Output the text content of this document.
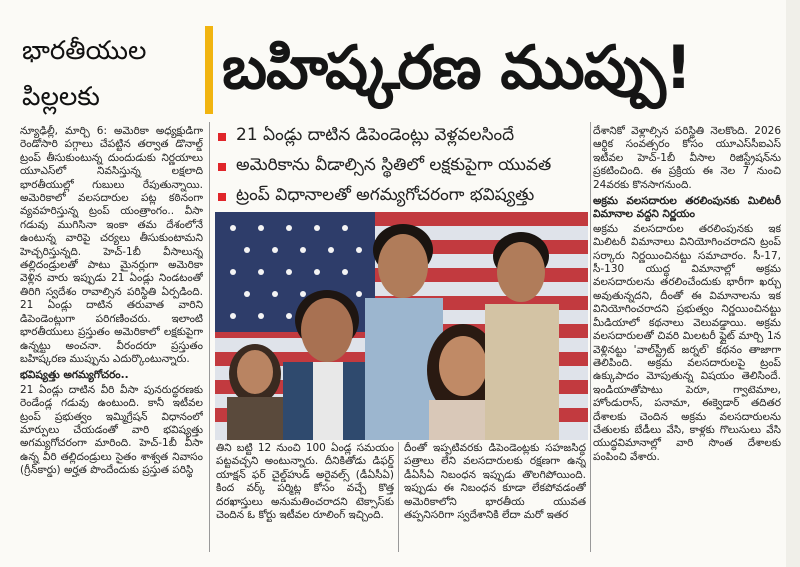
భారతీయుల పిల్లలకు	బహిష్కరణ ముప్పు!

న్యూఢిల్లీ, మార్చి 6: అమెరికా అధ్యక్షుడిగా రెండోసారి పగ్గాలు చేపట్టిన తర్వాత డొనాల్డ్ ట్రంప్ తీసుకుంటున్న దుందుడుకు నిర్ణయాలు యూఎస్‌లో నివసిస్తున్న లక్షలాది భారతీయుల్లో గుబులు రేపుతున్నాయి. అమెరికాలో వలసదారుల పట్ల కఠినంగా వ్యవహరిస్తున్న ట్రంప్ యంత్రాంగం.. వీసా గడువు ముగిసినా ఇంకా తమ దేశంలోనే ఉంటున్న వారిపై చర్యలు తీసుకుంటామని హెచ్చరిస్తున్నది. హెచ్-1బీ వీసాలున్న తల్లిదండ్రులతో పాటు మైనర్లుగా అమెరికా వెళ్లిన వారు ఇప్పుడు 21 ఏండ్లు నిండటంతో తిరిగి స్వదేశం రావాల్సిన పరిస్థితి ఏర్పడింది. 21 ఏండ్లు దాటిన తరువాత వారిని డిపెండెంట్లుగా పరిగణించరు. ఇలాంటి భారతీయులు ప్రస్తుతం అమెరికాలో లక్షకుపైగా ఉన్నట్టు అంచనా. వీరందరూ ప్రస్తుతం బహిష్కరణ ముప్పును ఎదుర్కొంటున్నారు.

భవిష్యత్తు అగమ్యగోచరం..

21 ఏండ్లు దాటిన వీరి వీసా పునరుద్ధరణకు రెండేండ్ల గడువు ఉంటుంది. కానీ ఇటీవల ట్రంప్ ప్రభుత్వం ఇమ్మిగ్రేషన్ విధానంలో మార్పులు చేయడంతో వారి భవిష్యత్తు అగమ్యగోచరంగా మారింది. హెచ్-1బీ వీసా ఉన్న వీరి తల్లిదండ్రులు సైతం శాశ్వత నివాసం (గ్రీన్‌కార్డు) అర్హత పొందేందుకు ప్రస్తుత పరిస్థి

21 ఏండ్లు దాటిన డిపెండెంట్లు వెళ్లవలసిందే
అమెరికాను వీడాల్సిన స్థితిలో లక్షకుపైగా యువత
ట్రంప్ విధానాలతో అగమ్యగోచరంగా భవిష్యత్తు

తిని బట్టి 12 నుంచి 100 ఏండ్ల సమయం పట్టవచ్చని అంటున్నారు. దీనికితోడు డిఫర్డ్ యాక్షన్ ఫర్ చైల్డ్‌హుడ్ అరైవల్స్ (డీఏసీఏ) కింద వర్క్ పర్మిట్ల కోసం వచ్చే కొత్త దరఖాస్తులు అనుమతించరాదని టెక్సాస్‌కు చెందిన ఓ కోర్టు ఇటీవల రూలింగ్ ఇచ్చింది.

దీంతో ఇప్పటివరకు డిపెండెంట్లకు సహజసిద్ధ పత్రాలు లేని వలసదారులకు రక్షణగా ఉన్న డీఏసీఏ నిబంధన ఇప్పుడు తొలగిపోయింది. ఇప్పుడు ఈ నిబంధన కూడా లేకపోవడంతో అమెరికాలోని భారతీయ యువత తప్పనిసరిగా స్వదేశానికి లేదా మరో ఇతర

దేశానికో వెళ్లాల్సిన పరిస్థితి నెలకొంది. 2026 ఆర్థిక సంవత్సరం కోసం యూఎస్‌సీఐఎస్ ఇటీవల హెచ్-1బీ వీసాల రిజిస్ట్రేషన్‌ను ప్రకటించింది. ఈ ప్రక్రియ ఈ నెల 7 నుంచి 24వరకు కొనసాగనుంది.

అక్రమ వలసదారుల తరలింపునకు మిలిటరీ విమానాల వద్దని నిర్ణయం

అక్రమ వలసదారుల తరలింపునకు ఇక మిలిటరీ విమానాలు వినియోగించరాదని ట్రంప్ సర్కారు నిర్ణయించినట్టు సమాచారం. సీ-17, సీ-130 యుద్ధ విమానాల్లో అక్రమ వలసదారులను తరలించేందుకు భారీగా ఖర్చు అవుతున్నదని, దీంతో ఈ విమానాలను ఇక వినియోగించరాదని ప్రభుత్వం నిర్ణయించినట్టు మీడియాలో కథనాలు వెలువడ్డాయి. అక్రమ వలసదారులతో చివరి మిలటరీ ఫ్లైట్ మార్చి 1న వెళ్లినట్టు 'వాల్‌స్ట్రీట్ జర్నల్' కథనం తాజాగా తెలిపింది. అక్రమ వలసదారులపై ట్రంప్ ఉక్కుపాదం మోపుతున్న విషయం తెలిసిందే. ఇండియాతోపాటు పెరూ, గ్వాటెమాల, హోండురాస్, పనామా, ఈక్వెడార్ తదితర దేశాలకు చెందిన అక్రమ వలసదారులను చేతులకు బేడీలు వేసి, కాళ్లకు గొలుసులు వేసి యుద్ధవిమానాల్లో వారి సొంత దేశాలకు పంపించి వేశారు.
